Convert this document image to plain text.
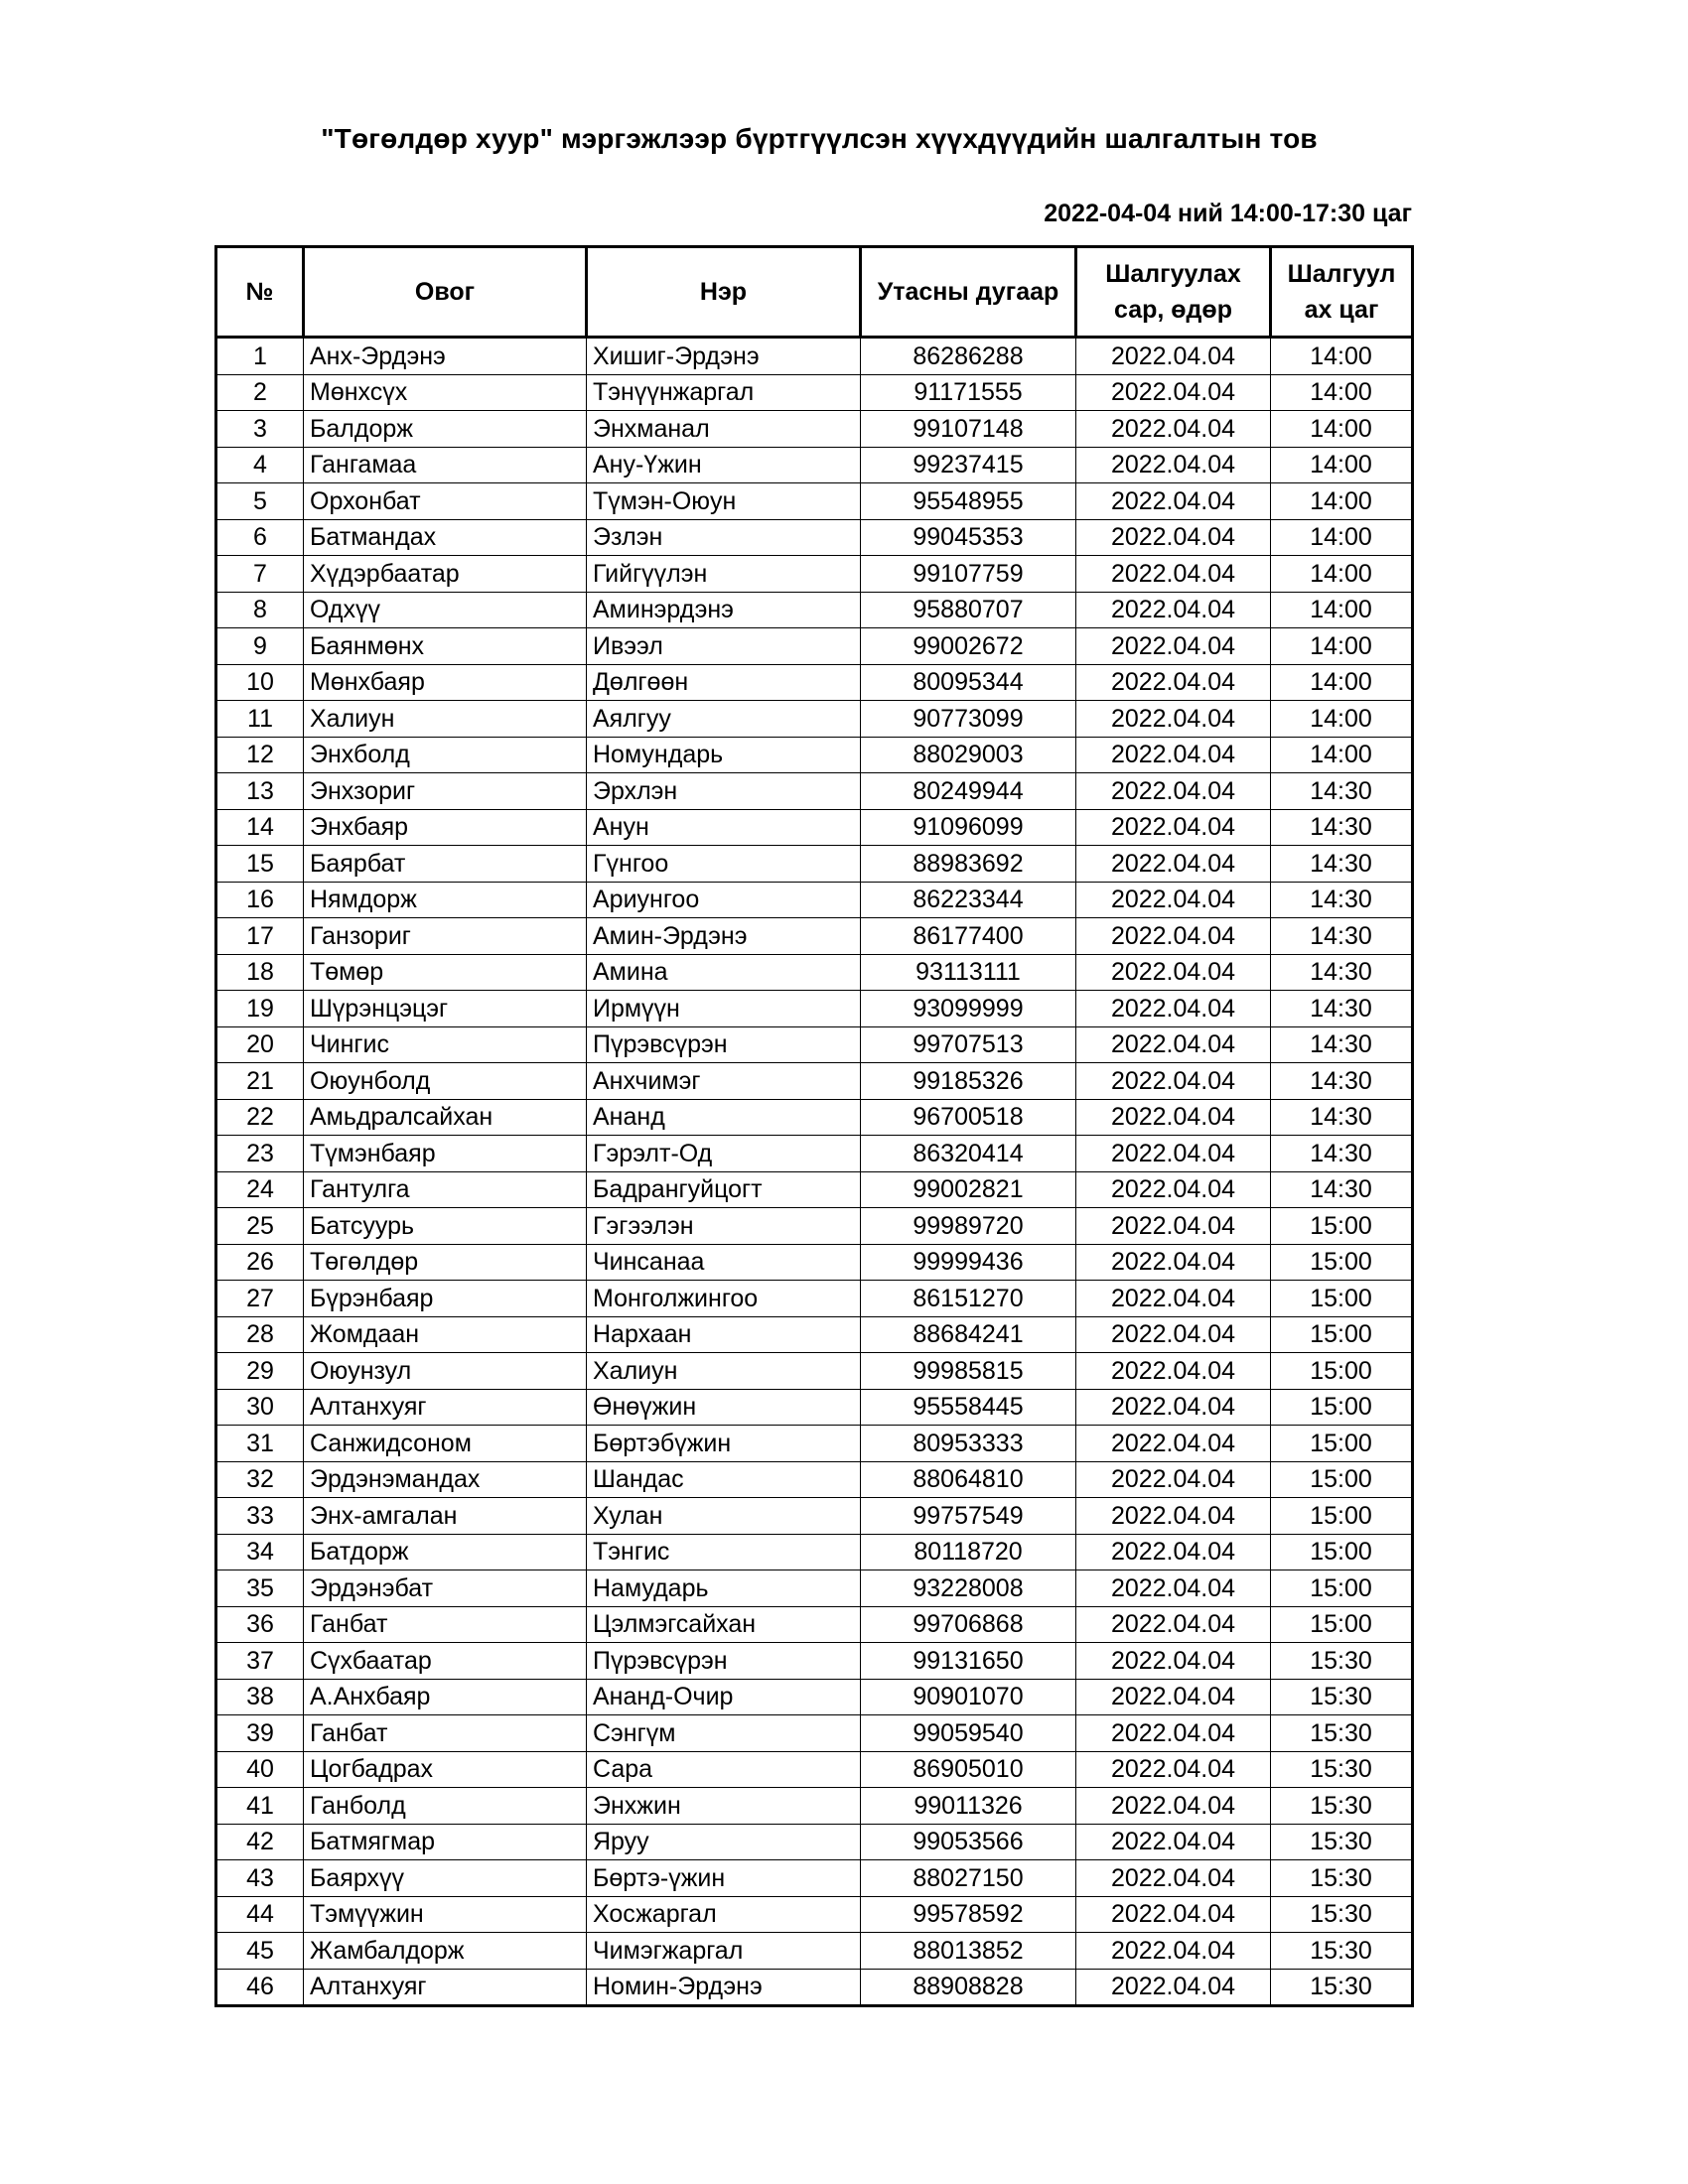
"Төгөлдөр хуур" мэргэжлээр бүртгүүлсэн хүүхдүүдийн шалгалтын тов
2022-04-04 ний 14:00-17:30 цаг
№	Овог	Нэр	Утасны дугаар	Шалгуулах сар, өдөр	Шалгуул ах цаг
1	Анх-Эрдэнэ	Хишиг-Эрдэнэ	86286288	2022.04.04	14:00
2	Мөнхсүх	Тэнүүнжаргал	91171555	2022.04.04	14:00
3	Балдорж	Энхманал	99107148	2022.04.04	14:00
4	Гангамаа	Ану-Үжин	99237415	2022.04.04	14:00
5	Орхонбат	Түмэн-Оюун	95548955	2022.04.04	14:00
6	Батмандах	Эзлэн	99045353	2022.04.04	14:00
7	Хүдэрбаатар	Гийгүүлэн	99107759	2022.04.04	14:00
8	Одхүү	Аминэрдэнэ	95880707	2022.04.04	14:00
9	Баянмөнх	Ивээл	99002672	2022.04.04	14:00
10	Мөнхбаяр	Дөлгөөн	80095344	2022.04.04	14:00
11	Халиун	Аялгуу	90773099	2022.04.04	14:00
12	Энхболд	Номундарь	88029003	2022.04.04	14:00
13	Энхзориг	Эрхлэн	80249944	2022.04.04	14:30
14	Энхбаяр	Анун	91096099	2022.04.04	14:30
15	Баярбат	Гүнгоо	88983692	2022.04.04	14:30
16	Нямдорж	Ариунгоо	86223344	2022.04.04	14:30
17	Ганзориг	Амин-Эрдэнэ	86177400	2022.04.04	14:30
18	Төмөр	Амина	93113111	2022.04.04	14:30
19	Шүрэнцэцэг	Ирмүүн	93099999	2022.04.04	14:30
20	Чингис	Пүрэвсүрэн	99707513	2022.04.04	14:30
21	Оюунболд	Анхчимэг	99185326	2022.04.04	14:30
22	Амьдралсайхан	Ананд	96700518	2022.04.04	14:30
23	Түмэнбаяр	Гэрэлт-Од	86320414	2022.04.04	14:30
24	Гантулга	Бадрангуйцогт	99002821	2022.04.04	14:30
25	Батсуурь	Гэгээлэн	99989720	2022.04.04	15:00
26	Төгөлдөр	Чинсанаа	99999436	2022.04.04	15:00
27	Бүрэнбаяр	Монголжингоо	86151270	2022.04.04	15:00
28	Жомдаан	Нархаан	88684241	2022.04.04	15:00
29	Оюунзул	Халиун	99985815	2022.04.04	15:00
30	Алтанхуяг	Өнөүжин	95558445	2022.04.04	15:00
31	Санжидсоном	Бөртэбүжин	80953333	2022.04.04	15:00
32	Эрдэнэмандах	Шандас	88064810	2022.04.04	15:00
33	Энх-амгалан	Хулан	99757549	2022.04.04	15:00
34	Батдорж	Тэнгис	80118720	2022.04.04	15:00
35	Эрдэнэбат	Намударь	93228008	2022.04.04	15:00
36	Ганбат	Цэлмэгсайхан	99706868	2022.04.04	15:00
37	Сүхбаатар	Пүрэвсүрэн	99131650	2022.04.04	15:30
38	А.Анхбаяр	Ананд-Очир	90901070	2022.04.04	15:30
39	Ганбат	Сэнгүм	99059540	2022.04.04	15:30
40	Цогбадрах	Сара	86905010	2022.04.04	15:30
41	Ганболд	Энхжин	99011326	2022.04.04	15:30
42	Батмягмар	Яруу	99053566	2022.04.04	15:30
43	Баярхүү	Бөртэ-үжин	88027150	2022.04.04	15:30
44	Тэмүүжин	Хосжаргал	99578592	2022.04.04	15:30
45	Жамбалдорж	Чимэгжаргал	88013852	2022.04.04	15:30
46	Алтанхуяг	Номин-Эрдэнэ	88908828	2022.04.04	15:30
